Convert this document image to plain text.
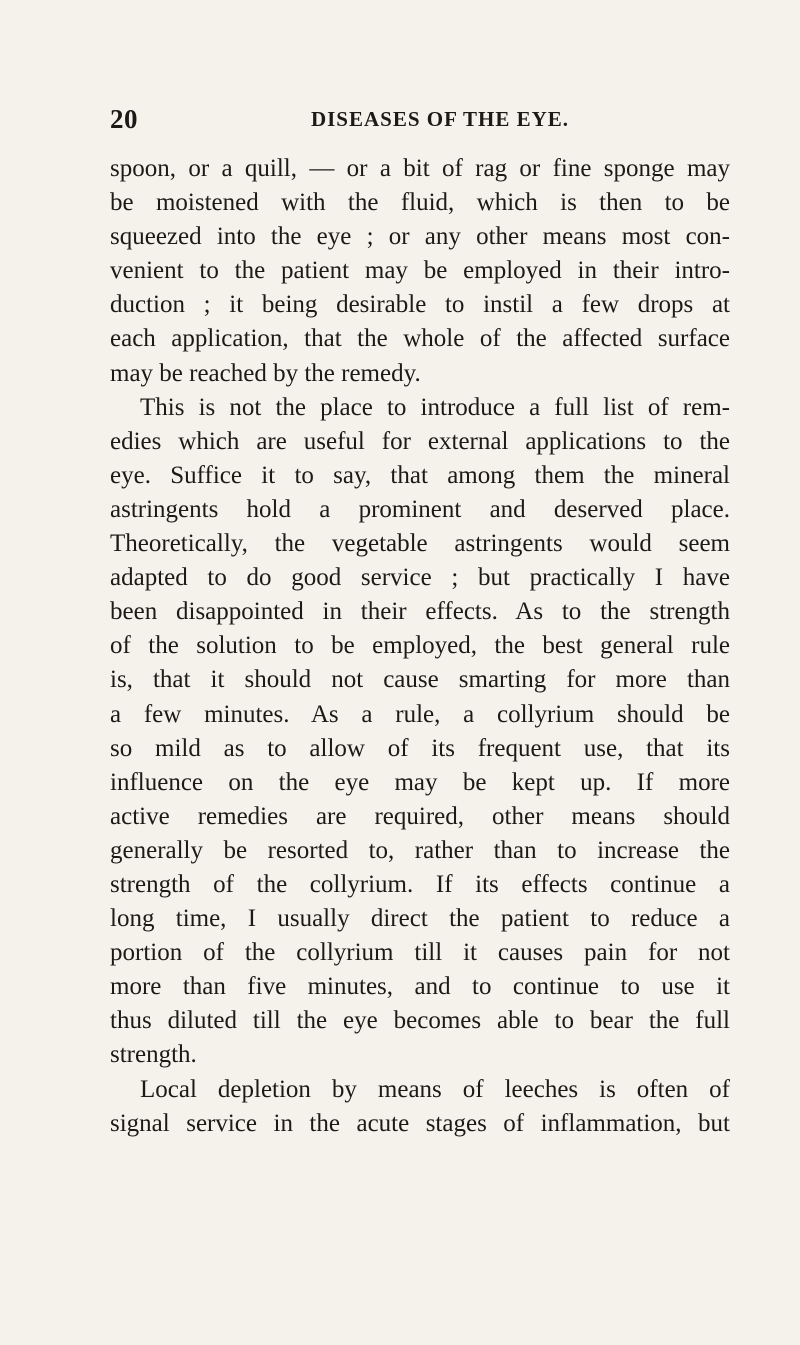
20	DISEASES OF THE EYE.
spoon, or a quill, — or a bit of rag or fine sponge may
be moistened with the fluid, which is then to be
squeezed into the eye ; or any other means most con-
venient to the patient may be employed in their intro-
duction ; it being desirable to instil a few drops at
each application, that the whole of the affected surface
may be reached by the remedy.
This is not the place to introduce a full list of rem-
edies which are useful for external applications to the
eye. Suffice it to say, that among them the mineral
astringents hold a prominent and deserved place.
Theoretically, the vegetable astringents would seem
adapted to do good service ; but practically I have
been disappointed in their effects. As to the strength
of the solution to be employed, the best general rule
is, that it should not cause smarting for more than
a few minutes. As a rule, a collyrium should be
so mild as to allow of its frequent use, that its
influence on the eye may be kept up. If more
active remedies are required, other means should
generally be resorted to, rather than to increase the
strength of the collyrium. If its effects continue a
long time, I usually direct the patient to reduce a
portion of the collyrium till it causes pain for not
more than five minutes, and to continue to use it
thus diluted till the eye becomes able to bear the full
strength.
Local depletion by means of leeches is often of
signal service in the acute stages of inflammation, but
